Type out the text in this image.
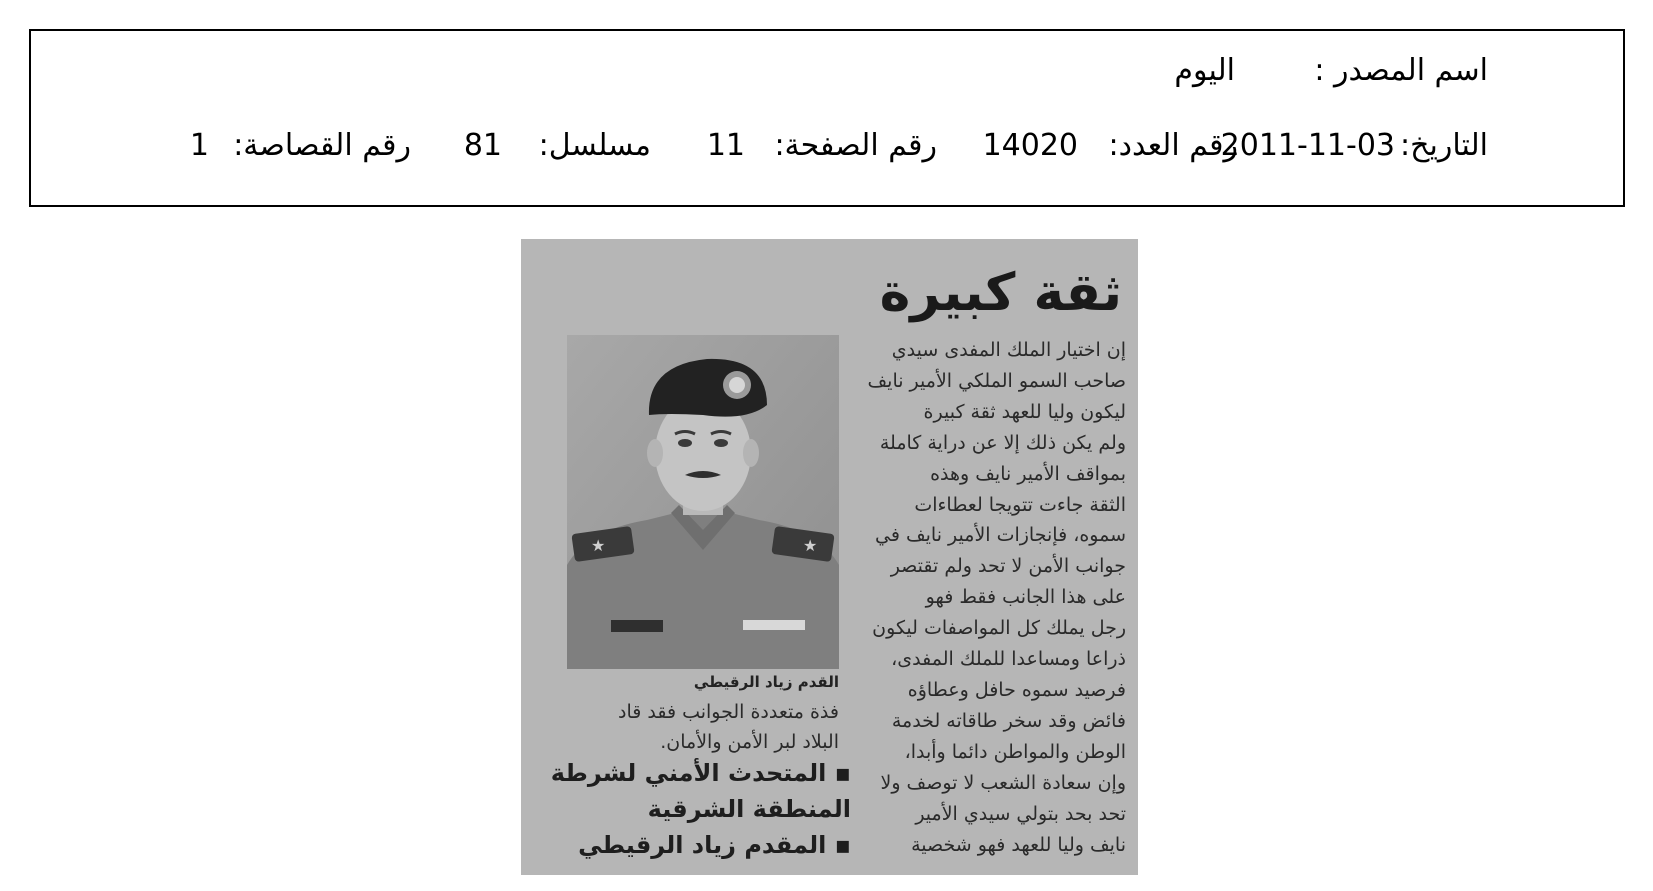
اسم المصدر :
اليوم
التاريخ:
2011-11-03
رقم العدد:
14020
رقم الصفحة:
11
مسلسل:
81
رقم القصاصة:
1
ثقة كبيرة
إن اختيار الملك المفدى سيدي
صاحب السمو الملكي الأمير نايف
ليكون وليا للعهد ثقة كبيرة
ولم يكن ذلك إلا عن دراية كاملة
بمواقف الأمير نايف وهذه
الثقة جاءت تتويجا لعطاءات
سموه، فإنجازات الأمير نايف في
جوانب الأمن لا تحد ولم تقتصر
على هذا الجانب فقط فهو
رجل يملك كل المواصفات ليكون
ذراعا ومساعدا للملك المفدى،
فرصيد سموه حافل وعطاؤه
فائض وقد سخر طاقاته لخدمة
الوطن والمواطن دائما وأبدا،
وإن سعادة الشعب لا توصف ولا
تحد بحد بتولي سيدي الأمير
نايف وليا للعهد فهو شخصية
★	★
القدم زياد الرقيطي
فذة متعددة الجوانب فقد قاد
البلاد لبر الأمن والأمان.
▪ المتحدث الأمني لشرطة
المنطقة الشرقية
▪ المقدم زياد الرقيطي
